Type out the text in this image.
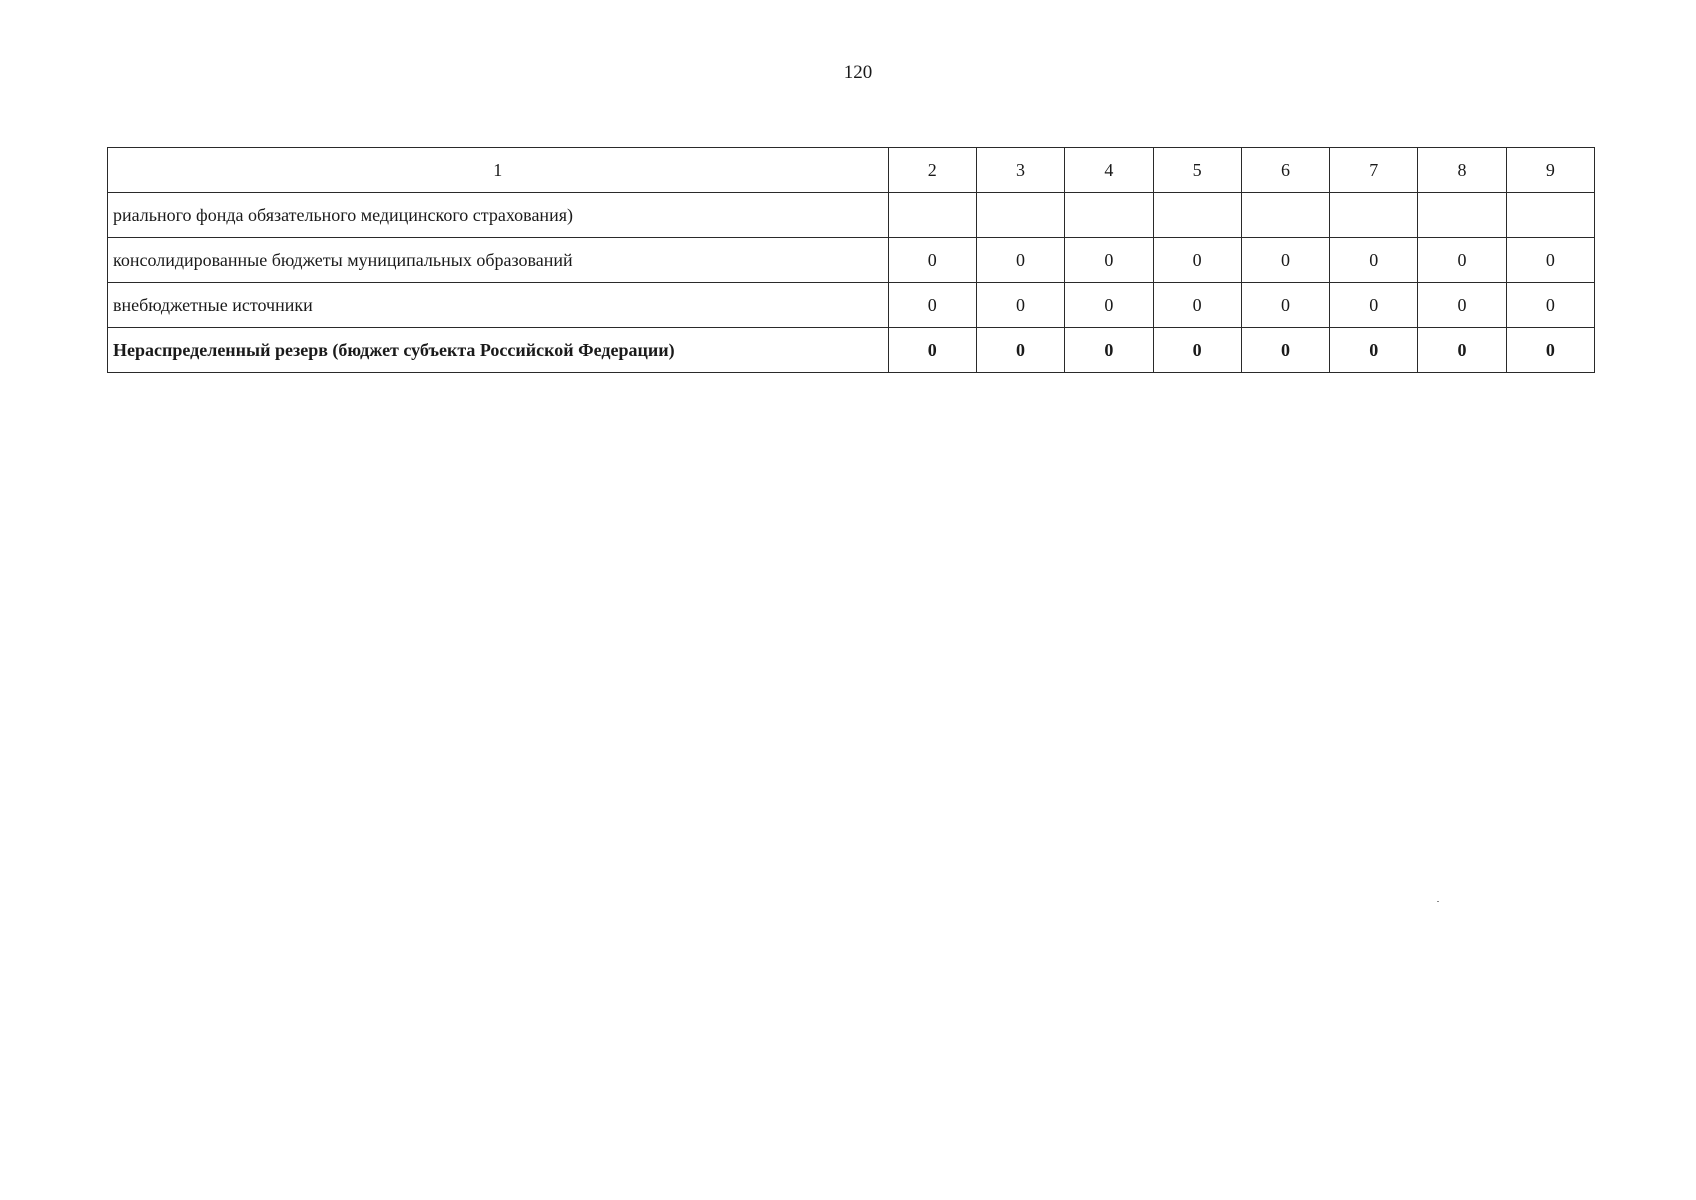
120
1	2	3	4	5	6	7	8	9
риального фонда обязательного медицинского страхования)								
консолидированные бюджеты муниципальных образований	0	0	0	0	0	0	0	0
внебюджетные источники	0	0	0	0	0	0	0	0
Нераспределенный резерв (бюджет субъекта Российской Федерации)	0	0	0	0	0	0	0	0
